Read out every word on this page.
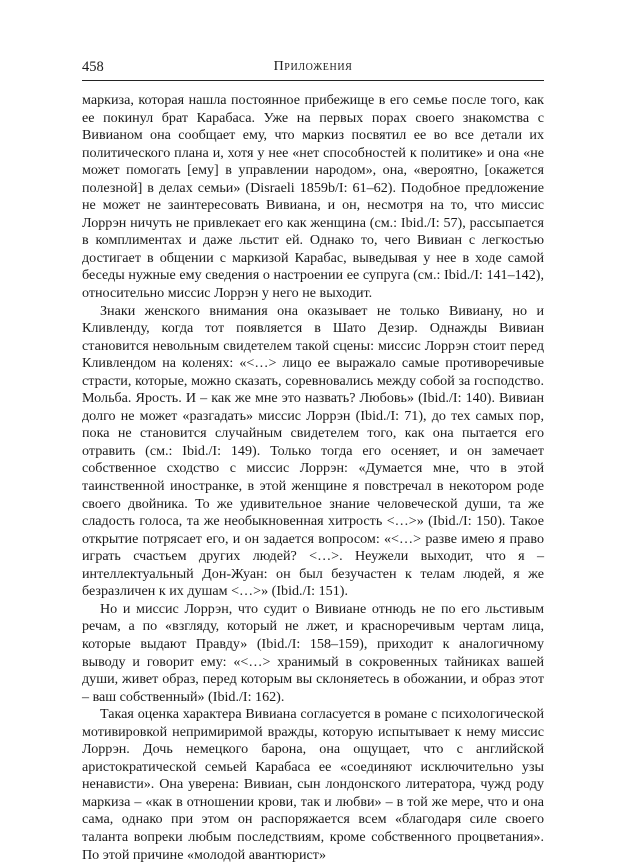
458	Приложения

маркиза, которая нашла постоянное прибежище в его семье после того, как ее покинул брат Карабаса. Уже на первых порах своего знакомства с Вивианом она сообщает ему, что маркиз посвятил ее во все детали их политического плана и, хотя у нее «нет способностей к политике» и она «не может помогать [ему] в управлении народом», она, «вероятно, [окажется полезной] в делах семьи» (Disraeli 1859b/I: 61–62). Подобное предложение не может не заинтересовать Вивиана, и он, несмотря на то, что миссис Лоррэн ничуть не привлекает его как женщина (см.: Ibid./I: 57), рассыпается в комплиментах и даже льстит ей. Однако то, чего Вивиан с легкостью достигает в общении с маркизой Карабас, выведывая у нее в ходе самой беседы нужные ему сведения о настроении ее супруга (см.: Ibid./I: 141–142), относительно миссис Лоррэн у него не выходит.

Знаки женского внимания она оказывает не только Вивиану, но и Кливленду, когда тот появляется в Шато Дезир. Однажды Вивиан становится невольным свидетелем такой сцены: миссис Лоррэн стоит перед Кливлендом на коленях: «<…> лицо ее выражало самые противоречивые страсти, которые, можно сказать, соревновались между собой за господство. Мольба. Ярость. И – как же мне это назвать? Любовь» (Ibid./I: 140). Вивиан долго не может «разгадать» миссис Лоррэн (Ibid./I: 71), до тех самых пор, пока не становится случайным свидетелем того, как она пытается его отравить (см.: Ibid./I: 149). Только тогда его осеняет, и он замечает собственное сходство с миссис Лоррэн: «Думается мне, что в этой таинственной иностранке, в этой женщине я повстречал в некотором роде своего двойника. То же удивительное знание человеческой души, та же сладость голоса, та же необыкновенная хитрость <…>» (Ibid./I: 150). Такое открытие потрясает его, и он задается вопросом: «<…> разве имею я право играть счастьем других людей? <…>. Неужели выходит, что я – интеллектуальный Дон-Жуан: он был безучастен к телам людей, я же безразличен к их душам <…>» (Ibid./I: 151).

Но и миссис Лоррэн, что судит о Вивиане отнюдь не по его льстивым речам, а по «взгляду, который не лжет, и красноречивым чертам лица, которые выдают Правду» (Ibid./I: 158–159), приходит к аналогичному выводу и говорит ему: «<…> хранимый в сокровенных тайниках вашей души, живет образ, перед которым вы склоняетесь в обожании, и образ этот – ваш собственный» (Ibid./I: 162).

Такая оценка характера Вивиана согласуется в романе с психологической мотивировкой непримиримой вражды, которую испытывает к нему миссис Лоррэн. Дочь немецкого барона, она ощущает, что с английской аристократической семьей Карабаса ее «соединяют исключительно узы ненависти». Она уверена: Вивиан, сын лондонского литератора, чужд роду маркиза – «как в отношении крови, так и любви» – в той же мере, что и она сама, однако при этом он распоряжается всем «благодаря силе своего таланта вопреки любым последствиям, кроме собственного процветания». По этой причине «молодой авантюрист»
